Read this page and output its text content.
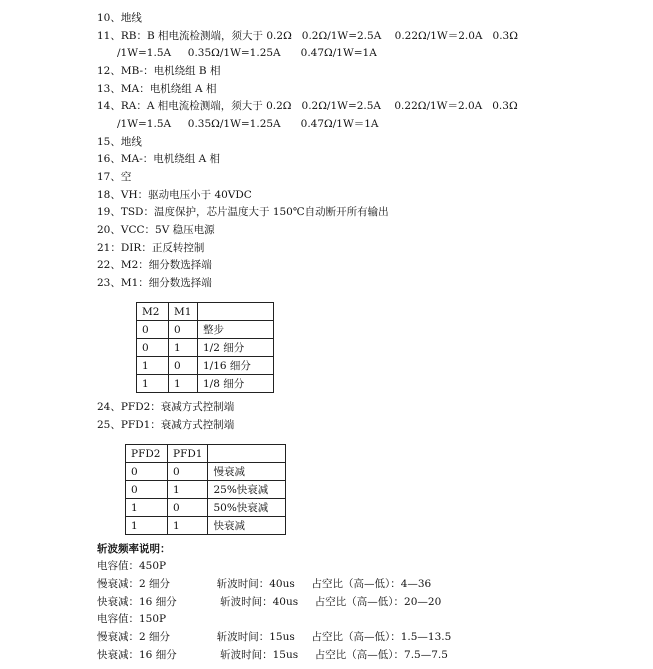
10、地线
11、RB：B 相电流检测端，须大于 0.2Ω   0.2Ω/1W=2.5A    0.22Ω/1W＝2.0A   0.3Ω
/1W=1.5A     0.35Ω/1W=1.25A      0.47Ω/1W=1A
12、MB-：电机绕组 B 相
13、MA：电机绕组 A 相
14、RA：A 相电流检测端，须大于 0.2Ω   0.2Ω/1W=2.5A    0.22Ω/1W＝2.0A   0.3Ω
/1W=1.5A     0.35Ω/1W=1.25A      0.47Ω/1W＝1A
15、地线
16、MA-：电机绕组 A 相
17、空
18、VH：驱动电压小于 40VDC
19、TSD：温度保护，芯片温度大于 150℃自动断开所有输出
20、VCC：5V 稳压电源
21：DIR：正反转控制
22、M2：细分数选择端
23、M1：细分数选择端
M2	M1	
0	0	整步
0	1	1/2 细分
1	0	1/16 细分
1	1	1/8 细分
24、PFD2：衰减方式控制端
25、PFD1：衰减方式控制端
PFD2	PFD1	
0	0	慢衰减
0	1	25%快衰减
1	0	50%快衰减
1	1	快衰减
斩波频率说明：
电容值：450P
慢衰减：2 细分              斩波时间：40us     占空比（高—低）：4—36
快衰减：16 细分             斩波时间：40us     占空比（高—低）：20—20
电容值：150P
慢衰减：2 细分              斩波时间：15us     占空比（高—低）：1.5—13.5
快衰减：16 细分             斩波时间：15us     占空比（高—低）：7.5—7.5
